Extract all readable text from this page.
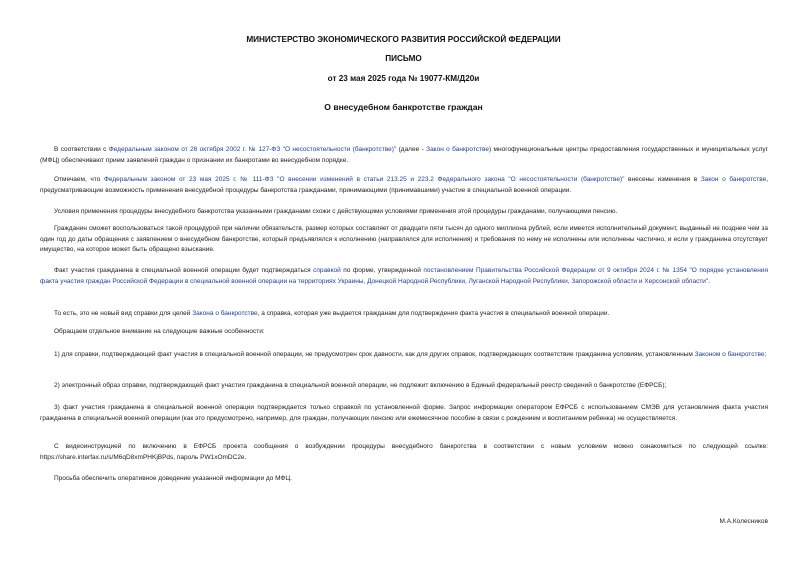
МИНИСТЕРСТВО ЭКОНОМИЧЕСКОГО РАЗВИТИЯ РОССИЙСКОЙ ФЕДЕРАЦИИ
ПИСЬМО
от 23 мая 2025 года № 19077-КМ/Д20и
О внесудебном банкротстве граждан
В соответствии с Федеральным законом от 26 октября 2002 г. № 127-ФЗ "О несостоятельности (банкротстве)" (далее - Закон о банкротстве) многофункциональные центры предоставления государственных и муниципальных услуг (МФЦ) обеспечивают прием заявлений граждан о признании их банкротами во внесудебном порядке.
Отмечаем, что Федеральным законом от 23 мая 2025 г. № 111-ФЗ "О внесении изменений в статьи 213.25 и 223.2 Федерального закона "О несостоятельности (банкротстве)" внесены изменения в Закон о банкротстве, предусматривающие возможность применения внесудебной процедуры банкротства гражданами, принимающими (принимавшими) участие в специальной военной операции.
Условия применения процедуры внесудебного банкротства указанными гражданами схожи с действующими условиями применения этой процедуры гражданами, получающими пенсию.
Гражданин сможет воспользоваться такой процедурой при наличии обязательств, размер которых составляет от двадцати пяти тысяч до одного миллиона рублей, если имеется исполнительный документ, выданный не позднее чем за один год до даты обращения с заявлением о внесудебном банкротстве, который предъявлялся к исполнению (направлялся для исполнения) и требования по нему не исполнены или исполнены частично, и если у гражданина отсутствует имущество, на которое может быть обращено взыскание.
Факт участия гражданина в специальной военной операции будет подтверждаться справкой по форме, утвержденной постановлением Правительства Российской Федерации от 9 октября 2024 г. № 1354 "О порядке установления факта участия граждан Российской Федерации в специальной военной операции на территориях Украины, Донецкой Народной Республики, Луганской Народной Республики, Запорожской области и Херсонской области".
То есть, это не новый вид справки для целей Закона о банкротстве, а справка, которая уже выдается гражданам для подтверждения факта участия в специальной военной операции.
Обращаем отдельное внимание на следующие важные особенности:
1) для справки, подтверждающей факт участия в специальной военной операции, не предусмотрен срок давности, как для других справок, подтверждающих соответствие гражданина условиям, установленным Законом о банкротстве;
2) электронный образ справки, подтверждающей факт участия гражданина в специальной военной операции, не подлежит включению в Единый федеральный реестр сведений о банкротстве (ЕФРСБ);
3) факт участия гражданина в специальной военной операции подтверждается только справкой по установленной форме. Запрос информации оператором ЕФРСБ с использованием СМЭВ для установления факта участия гражданина в специальной военной операции (как это предусмотрено, например, для граждан, получающих пенсию или ежемесячное пособие в связи с рождением и воспитанием ребенка) не осуществляется.
С видеоинструкцией по включению в ЕФРСБ проекта сообщения о возбуждении процедуры внесудебного банкротства в соответствии с новым условием можно ознакомиться по следующей ссылке: https://share.interfax.ru/s/M6qD8xmPHKjBPds, пароль PW1xOmDC2e.
Просьба обеспечить оперативное доведение указанной информации до МФЦ.
М.А.Колесников
